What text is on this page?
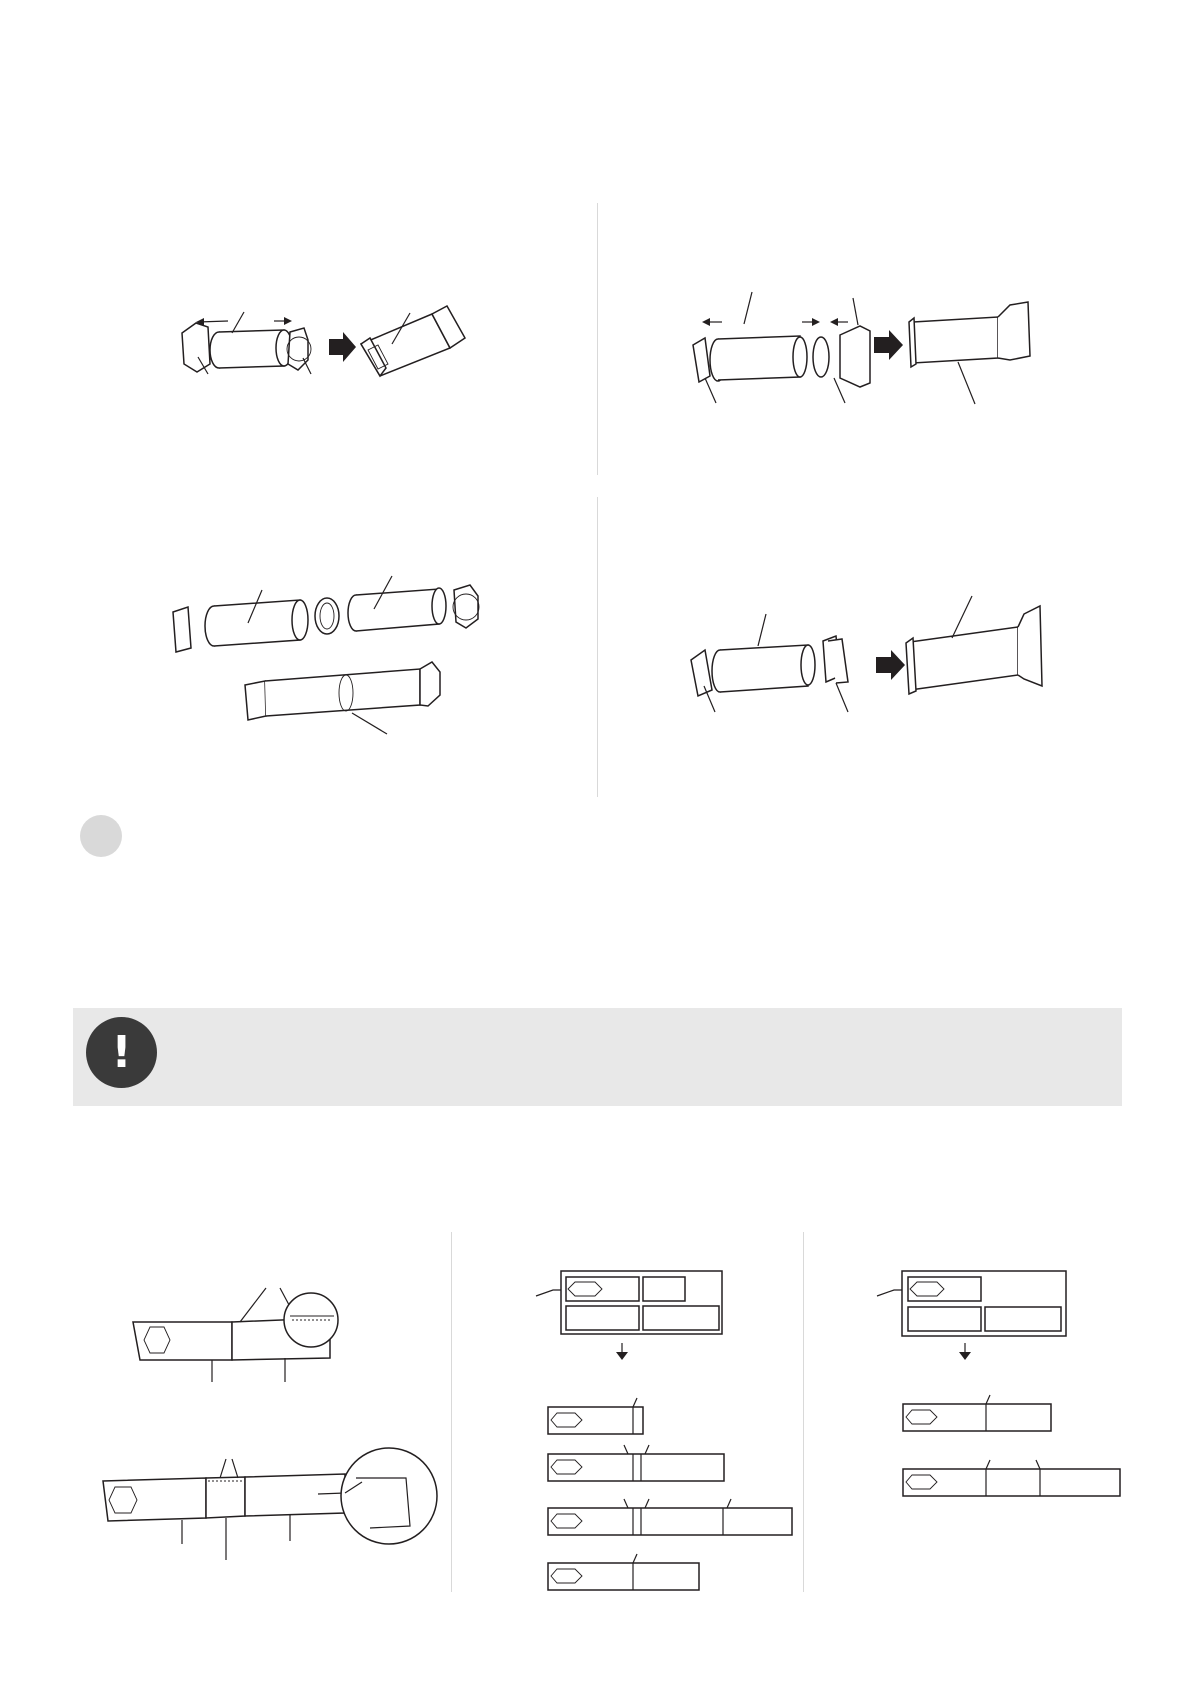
!
